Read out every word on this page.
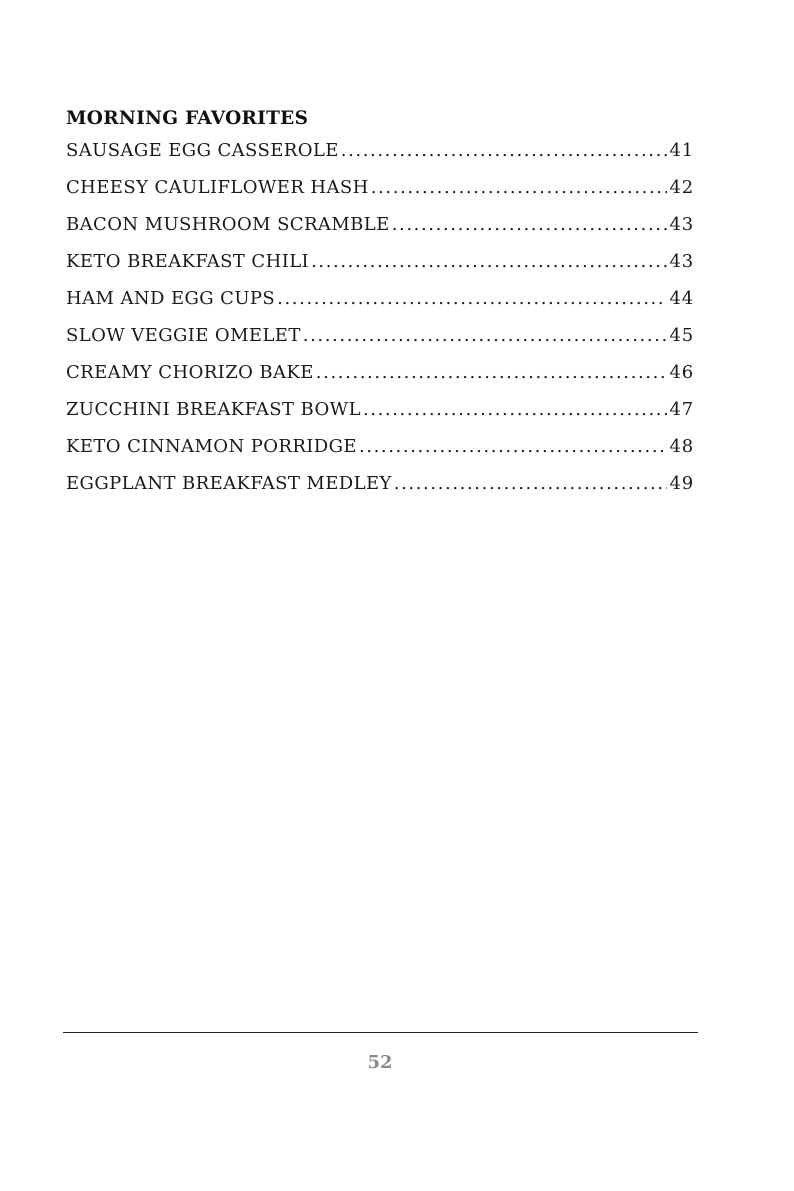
MORNING FAVORITES
SAUSAGE EGG CASSEROLE .....	41
CHEESY CAULIFLOWER HASH .....	42
BACON MUSHROOM SCRAMBLE .....	43
KETO BREAKFAST CHILI .....	43
HAM AND EGG CUPS .....	44
SLOW VEGGIE OMELET .....	45
CREAMY CHORIZO BAKE .....	46
ZUCCHINI BREAKFAST BOWL .....	47
KETO CINNAMON PORRIDGE .....	48
EGGPLANT BREAKFAST MEDLEY .....	49
52
